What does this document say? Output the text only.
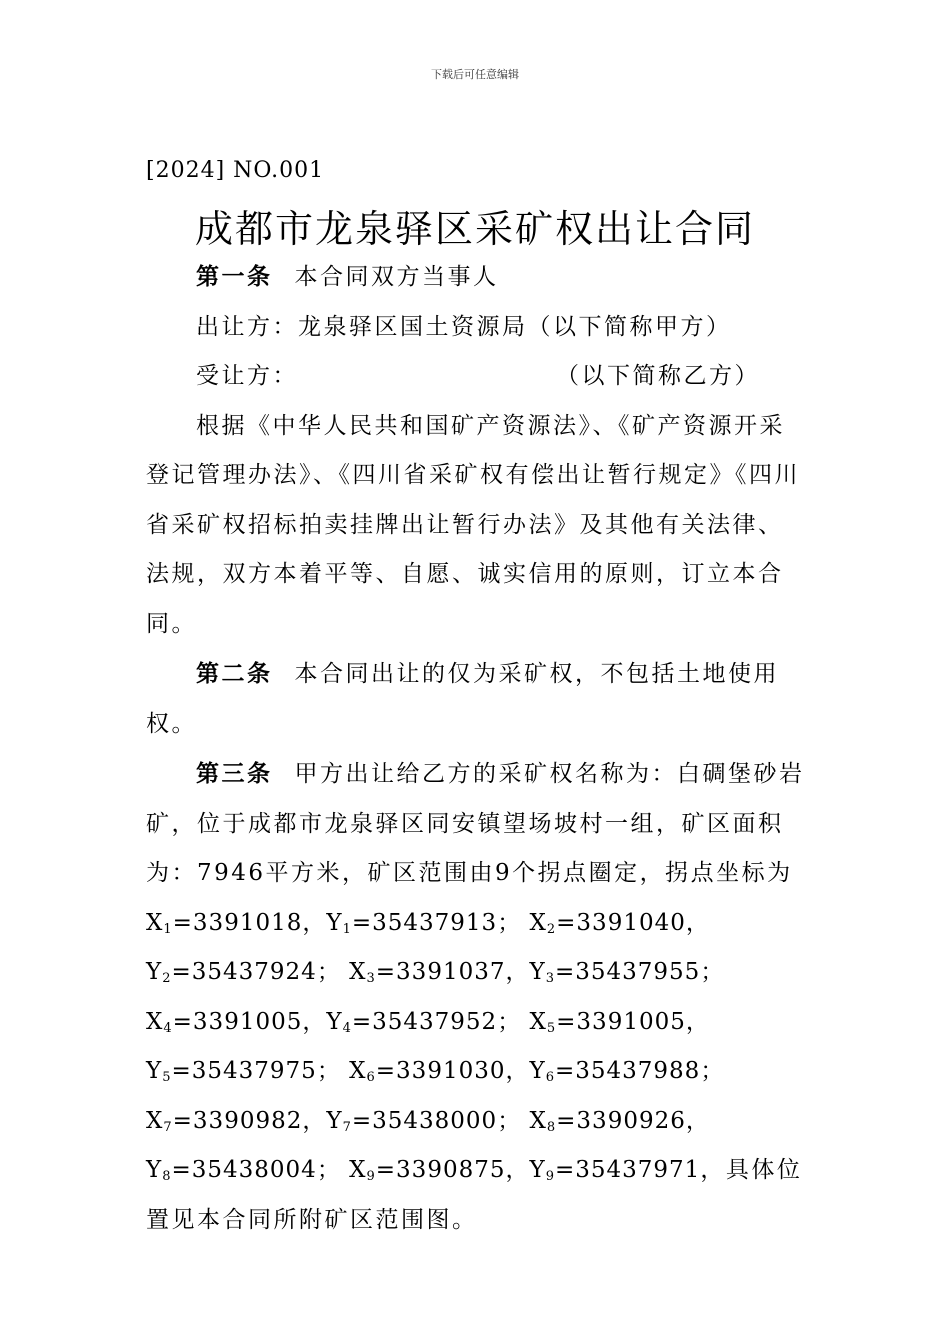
下载后可任意编辑
[2024] NO.001
成都市龙泉驿区采矿权出让合同

第一条 本合同双方当事人

出让方：龙泉驿区国土资源局（以下简称甲方）

受让方：	（以下简称乙方）

根据《中华人民共和国矿产资源法》、《矿产资源开采登记管理办法》、《四川省采矿权有偿出让暂行规定》《四川省采矿权招标拍卖挂牌出让暂行办法》及其他有关法律、法规，双方本着平等、自愿、诚实信用的原则，订立本合同。

第二条 本合同出让的仅为采矿权，不包括土地使用权。

第三条 甲方出让给乙方的采矿权名称为：白碉堡砂岩矿，位于成都市龙泉驿区同安镇望场坡村一组，矿区面积为：7946平方米，矿区范围由9个拐点圈定，拐点坐标为 $X_1=3391018$，$Y_1=35437913$； $X_2=3391040$，$Y_2=35437924$； $X_3=3391037$，$Y_3=35437955$； $X_4=3391005$，$Y_4=35437952$； $X_5=3391005$，$Y_5=35437975$； $X_6=3391030$，$Y_6=35437988$； $X_7=3390982$，$Y_7=35438000$； $X_8=3390926$，$Y_8=35438004$； $X_9=3390875$，$Y_9=35437971$，具体位置见本合同所附矿区范围图。
